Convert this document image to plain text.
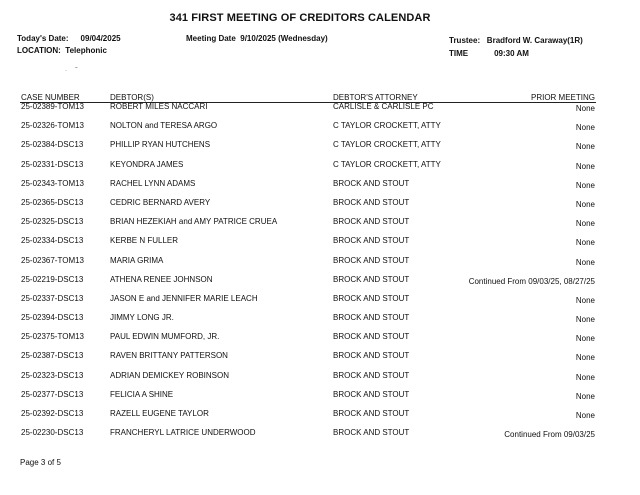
341 FIRST MEETING OF CREDITORS CALENDAR
Today's Date: 09/04/2025
LOCATION: Telephonic
Meeting Date 9/10/2025 (Wednesday)	Trustee: Bradford W. Caraway(1R)
TIME	09:30 AM
·     ˜
CASE NUMBER	DEBTOR(S)	DEBTOR'S ATTORNEY	PRIOR MEETING
25-02389-TOM13	ROBERT MILES NACCARI	CARLISLE & CARLISLE PC	None
25-02326-TOM13	NOLTON and TERESA ARGO	C TAYLOR CROCKETT, ATTY	None
25-02384-DSC13	PHILLIP RYAN HUTCHENS	C TAYLOR CROCKETT, ATTY	None
25-02331-DSC13	KEYONDRA JAMES	C TAYLOR CROCKETT, ATTY	None
25-02343-TOM13	RACHEL LYNN ADAMS	BROCK AND STOUT	None
25-02365-DSC13	CEDRIC BERNARD AVERY	BROCK AND STOUT	None
25-02325-DSC13	BRIAN HEZEKIAH and AMY PATRICE CRUEA	BROCK AND STOUT	None
25-02334-DSC13	KERBE N FULLER	BROCK AND STOUT	None
25-02367-TOM13	MARIA GRIMA	BROCK AND STOUT	None
25-02219-DSC13	ATHENA RENEE JOHNSON	BROCK AND STOUT	Continued From 09/03/25, 08/27/25
25-02337-DSC13	JASON E and JENNIFER MARIE LEACH	BROCK AND STOUT	None
25-02394-DSC13	JIMMY LONG JR.	BROCK AND STOUT	None
25-02375-TOM13	PAUL EDWIN MUMFORD, JR.	BROCK AND STOUT	None
25-02387-DSC13	RAVEN BRITTANY PATTERSON	BROCK AND STOUT	None
25-02323-DSC13	ADRIAN DEMICKEY ROBINSON	BROCK AND STOUT	None
25-02377-DSC13	FELICIA A SHINE	BROCK AND STOUT	None
25-02392-DSC13	RAZELL EUGENE TAYLOR	BROCK AND STOUT	None
25-02230-DSC13	FRANCHERYL LATRICE UNDERWOOD	BROCK AND STOUT	Continued From 09/03/25
Page 3 of 5
